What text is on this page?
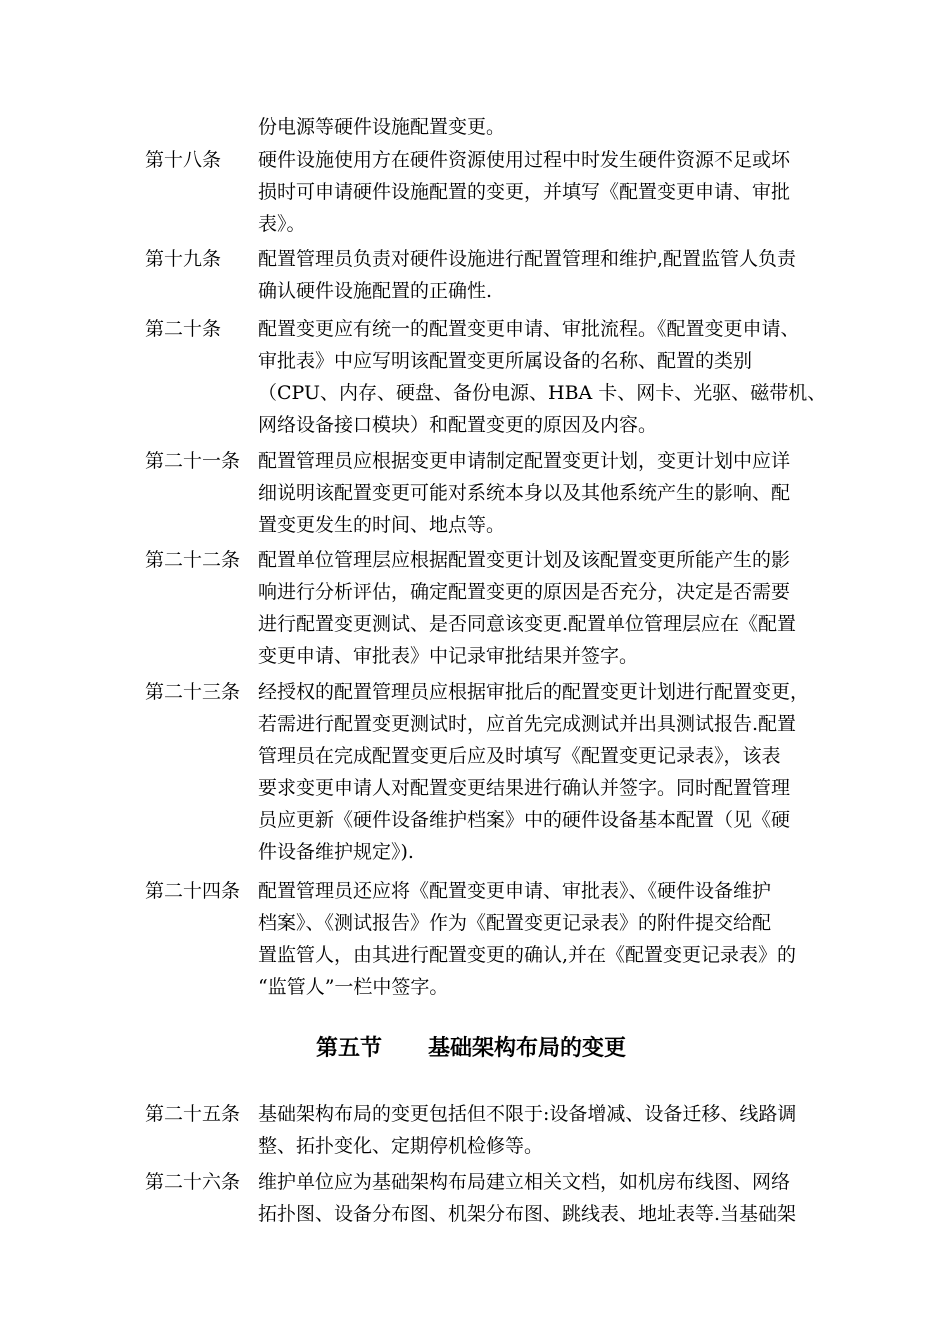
份电源等硬件设施配置变更。
第十八条 硬件设施使用方在硬件资源使用过程中时发生硬件资源不足或坏
损时可申请硬件设施配置的变更，并填写《配置变更申请、审批
表》。
第十九条 配置管理员负责对硬件设施进行配置管理和维护,配置监管人负责
确认硬件设施配置的正确性.
第二十条 配置变更应有统一的配置变更申请、审批流程。《配置变更申请、
审批表》中应写明该配置变更所属设备的名称、配置的类别
（CPU、内存、硬盘、备份电源、HBA 卡、网卡、光驱、磁带机、
网络设备接口模块）和配置变更的原因及内容。
第二十一条 配置管理员应根据变更申请制定配置变更计划，变更计划中应详
细说明该配置变更可能对系统本身以及其他系统产生的影响、配
置变更发生的时间、地点等。
第二十二条 配置单位管理层应根据配置变更计划及该配置变更所能产生的影
响进行分析评估，确定配置变更的原因是否充分，决定是否需要
进行配置变更测试、是否同意该变更.配置单位管理层应在《配置
变更申请、审批表》中记录审批结果并签字。
第二十三条 经授权的配置管理员应根据审批后的配置变更计划进行配置变更，
若需进行配置变更测试时，应首先完成测试并出具测试报告.配置
管理员在完成配置变更后应及时填写《配置变更记录表》，该表
要求变更申请人对配置变更结果进行确认并签字。同时配置管理
员应更新《硬件设备维护档案》中的硬件设备基本配置（见《硬
件设备维护规定》).
第二十四条 配置管理员还应将《配置变更申请、审批表》、《硬件设备维护
档案》、《测试报告》作为《配置变更记录表》的附件提交给配
置监管人，由其进行配置变更的确认,并在《配置变更记录表》的
“监管人”一栏中签字。
第五节 基础架构布局的变更
第二十五条 基础架构布局的变更包括但不限于:设备增减、设备迁移、线路调
整、拓扑变化、定期停机检修等。
第二十六条 维护单位应为基础架构布局建立相关文档，如机房布线图、网络
拓扑图、设备分布图、机架分布图、跳线表、地址表等.当基础架
